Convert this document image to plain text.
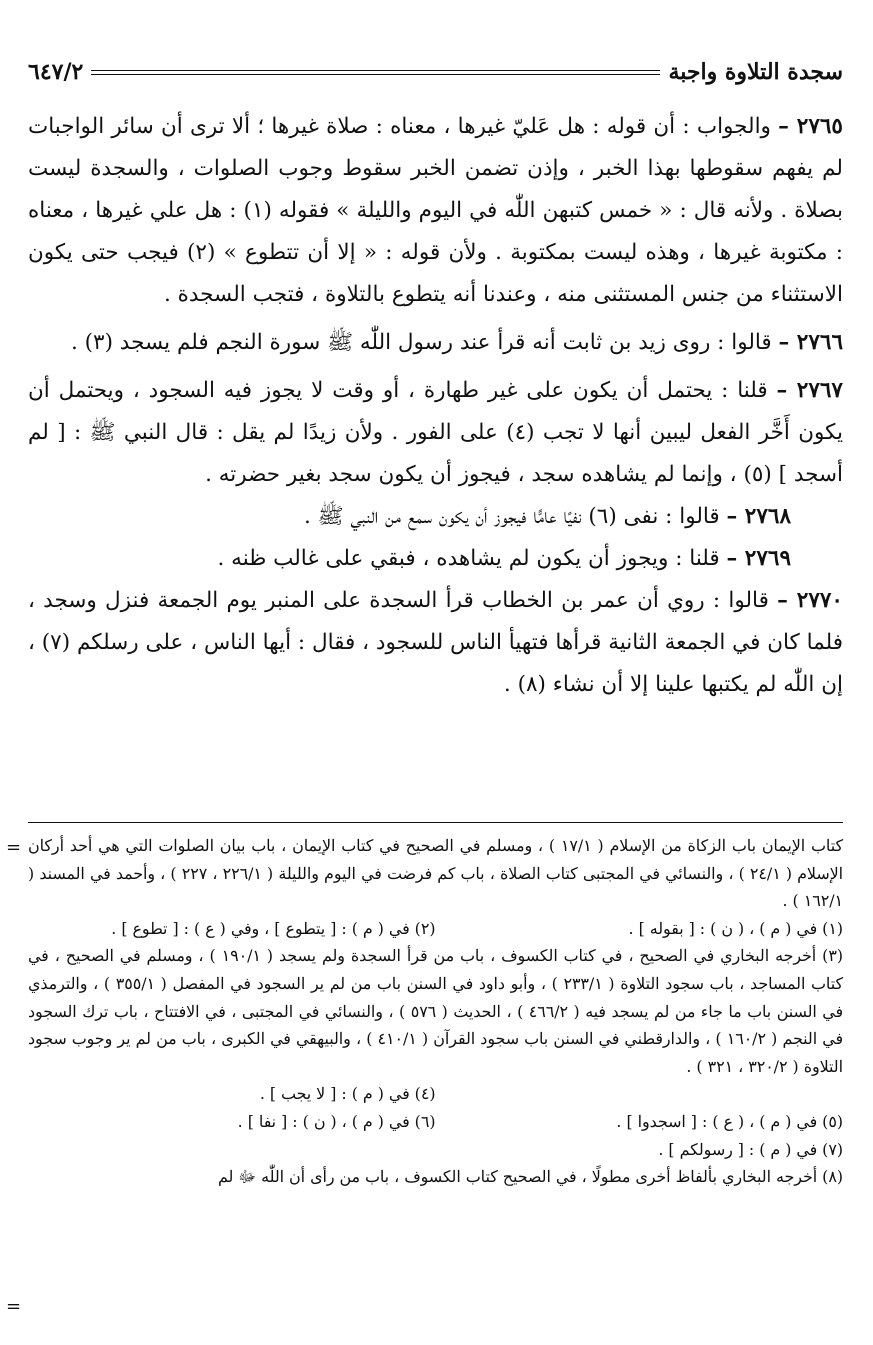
سجدة التلاوة واجبة
٦٤٧/٢

٢٧٦٥ – والجواب : أن قوله : هل عَليّ غيرها ، معناه : صلاة غيرها ؛ ألا ترى أن سائر الواجبات لم يفهم سقوطها بهذا الخبر ، وإذن تضمن الخبر سقوط وجوب الصلوات ، والسجدة ليست بصلاة . ولأنه قال : « خمس كتبهن اللّٰه في اليوم والليلة » فقوله (١) : هل علي غيرها ، معناه : مكتوبة غيرها ، وهذه ليست بمكتوبة . ولأن قوله : « إلا أن تتطوع » (٢) فيجب حتى يكون الاستثناء من جنس المستثنى منه ، وعندنا أنه يتطوع بالتلاوة ، فتجب السجدة .

٢٧٦٦ – قالوا : روى زيد بن ثابت أنه قرأ عند رسول اللّٰه ﷺ سورة النجم فلم يسجد (٣) .

٢٧٦٧ – قلنا : يحتمل أن يكون على غير طهارة ، أو وقت لا يجوز فيه السجود ، ويحتمل أن يكون أَخَّر الفعل ليبين أنها لا تجب (٤) على الفور . ولأن زيدًا لم يقل : قال النبي ﷺ : [ لم أسجد ] (٥) ، وإنما لم يشاهده سجد ، فيجوز أن يكون سجد بغير حضرته .

٢٧٦٨ – قالوا : نفى (٦) نفيًا عامًّا فيجوز أن يكون سمع من النبي ﷺ .

٢٧٦٩ – قلنا : ويجوز أن يكون لم يشاهده ، فبقي على غالب ظنه .

٢٧٧٠ – قالوا : روي أن عمر بن الخطاب قرأ السجدة على المنبر يوم الجمعة فنزل وسجد ، فلما كان في الجمعة الثانية قرأها فتهيأ الناس للسجود ، فقال : أيها الناس ، على رسلكم (٧) ، إن اللّٰه لم يكتبها علينا إلا أن نشاء (٨) .

= كتاب الإيمان باب الزكاة من الإسلام ( ١٧/١ ) ، ومسلم في الصحيح في كتاب الإيمان ، باب بيان الصلوات التي هي أحد أركان الإسلام ( ٢٤/١ ) ، والنسائي في المجتبى كتاب الصلاة ، باب كم فرضت في اليوم والليلة ( ٢٢٦/١ ، ٢٢٧ ) ، وأحمد في المسند ( ١٦٢/١ ) .

(١) في ( م ) ، ( ن ) : [ بقوله ] .
(٢) في ( م ) : [ يتطوع ] ، وفي ( ع ) : [ تطوع ] .

(٣) أخرجه البخاري في الصحيح ، في كتاب الكسوف ، باب من قرأ السجدة ولم يسجد ( ١٩٠/١ ) ، ومسلم في الصحيح ، في كتاب المساجد ، باب سجود التلاوة ( ٢٣٣/١ ) ، وأبو داود في السنن باب من لم ير السجود في المفصل ( ٣٥٥/١ ) ، والترمذي في السنن باب ما جاء من لم يسجد فيه ( ٤٦٦/٢ ) ، الحديث ( ٥٧٦ ) ، والنسائي في المجتبى ، في الافتتاح ، باب ترك السجود في النجم ( ١٦٠/٢ ) ، والدارقطني في السنن باب سجود القرآن ( ٤١٠/١ ) ، والبيهقي في الكبرى ، باب من لم ير وجوب سجود التلاوة ( ٣٢٠/٢ ، ٣٢١ ) .

(٤) في ( م ) : [ لا يجب ] .
(٥) في ( م ) ، ( ع ) : [ اسجدوا ] .
(٦) في ( م ) ، ( ن ) : [ نفا ] .

(٧) في ( م ) : [ رسولكم ] .

(٨) أخرجه البخاري بألفاظ أخرى مطولًا ، في الصحيح كتاب الكسوف ، باب من رأى أن اللّٰه ﷻ لم

=
